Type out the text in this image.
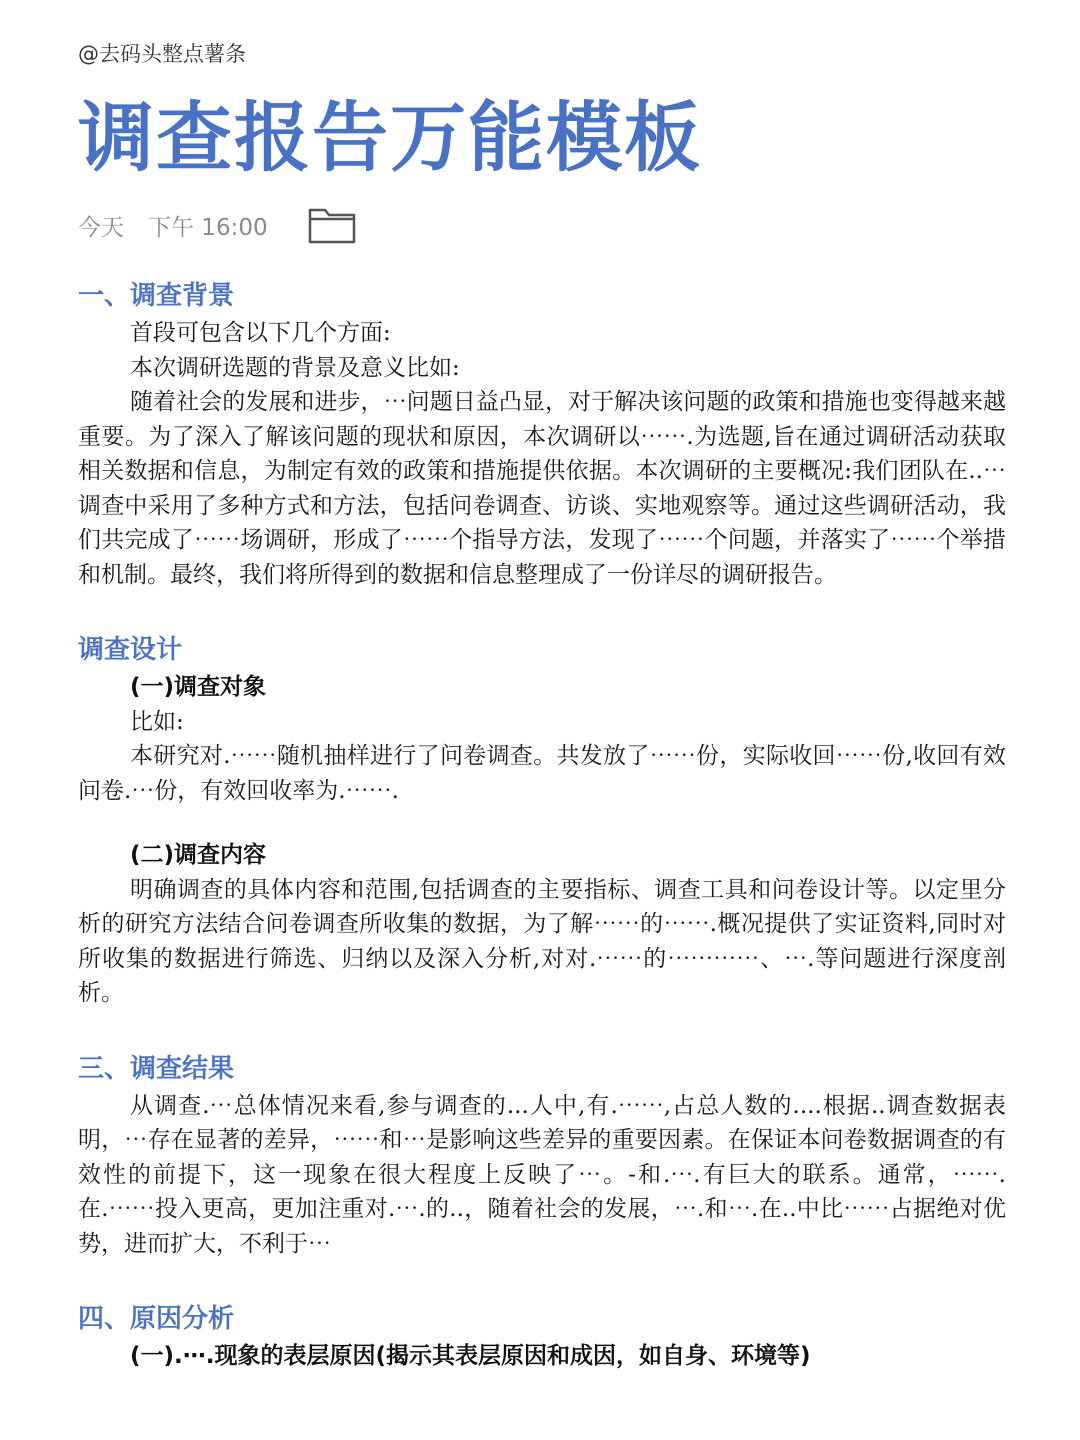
@去码头整点薯条
调查报告万能模板
今天 下午 16:00
一、调查背景

首段可包含以下几个方面:

本次调研选题的背景及意义比如:

随着社会的发展和进步，⋯问题日益凸显，对于解决该问题的政策和措施也变得越来越重要。为了深入了解该问题的现状和原因，本次调研以⋯⋯.为选题,旨在通过调研活动获取相关数据和信息，为制定有效的政策和措施提供依据。本次调研的主要概况:我们团队在..⋯调查中采用了多种方式和方法，包括问卷调查、访谈、实地观察等。通过这些调研活动，我们共完成了⋯⋯场调研，形成了⋯⋯个指导方法，发现了⋯⋯个问题，并落实了⋯⋯个举措和机制。最终，我们将所得到的数据和信息整理成了一份详尽的调研报告。

调查设计

(一)调查对象

比如:

本研究对.⋯⋯随机抽样进行了问卷调查。共发放了⋯⋯份，实际收回⋯⋯份,收回有效问卷.⋯份，有效回收率为.⋯⋯.

(二)调查内容

明确调查的具体内容和范围,包括调查的主要指标、调查工具和问卷设计等。以定里分析的研究方法结合问卷调查所收集的数据，为了解⋯⋯的⋯⋯.概况提供了实证资料,同时对所收集的数据进行筛选、归纳以及深入分析,对对.⋯⋯的⋯⋯⋯⋯、⋯.等问题进行深度剖析。

三、调查结果

从调查.⋯总体情况来看,参与调查的...人中,有.⋯⋯,占总人数的....根据..调查数据表明，⋯存在显著的差异，⋯⋯和⋯是影响这些差异的重要因素。在保证本问卷数据调查的有效性的前提下，这一现象在很大程度上反映了⋯。-和.⋯.有巨大的联系。通常，⋯⋯.在.⋯⋯投入更高，更加注重对.⋯.的..，随着社会的发展，⋯.和⋯.在..中比⋯⋯占据绝对优势，进而扩大，不利于⋯

四、原因分析

(一).⋯.现象的表层原因(揭示其表层原因和成因，如自身、环境等)
